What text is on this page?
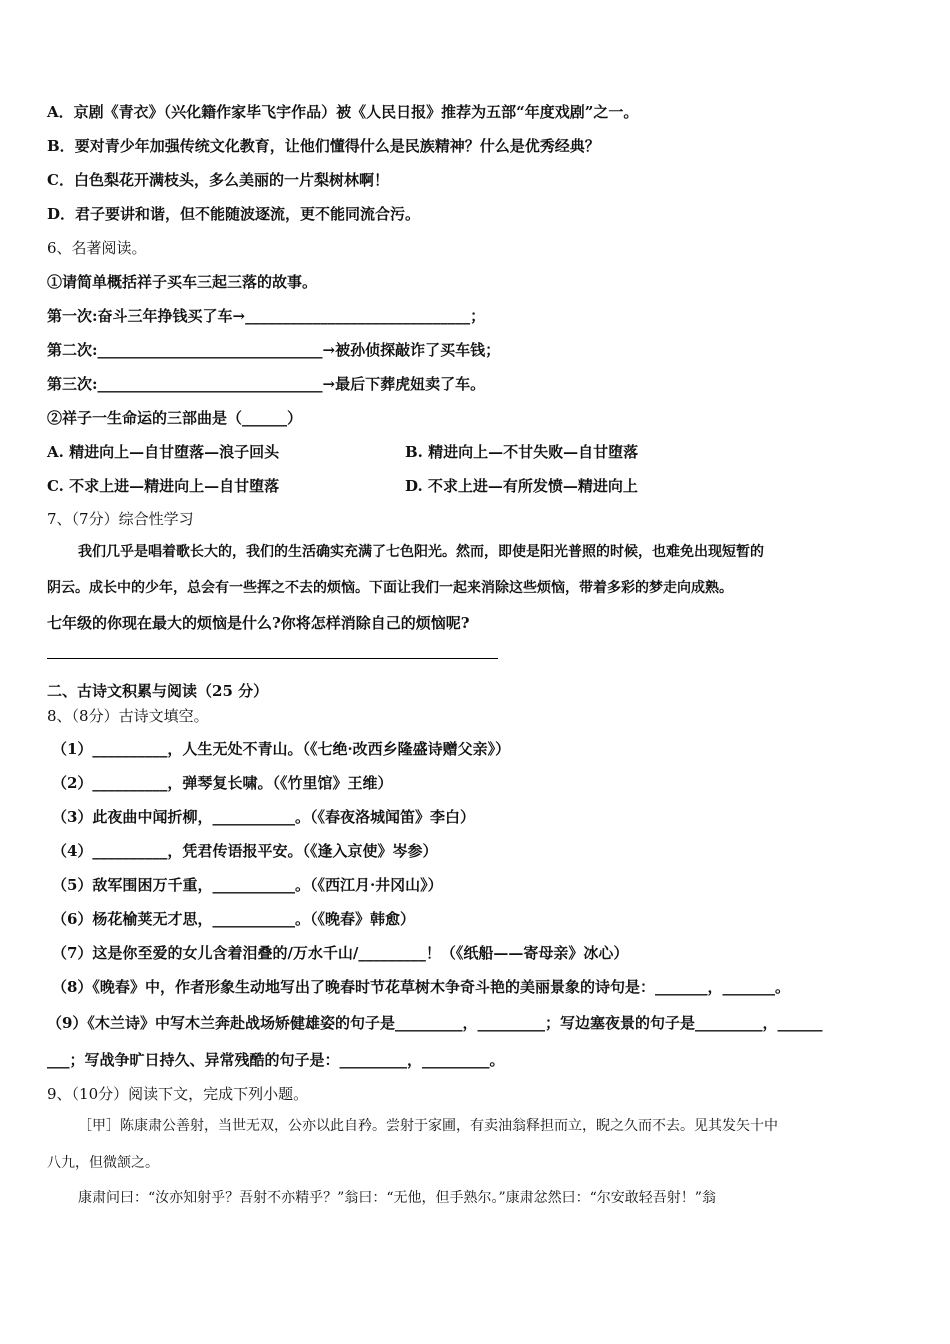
A．京剧《青衣》（兴化籍作家毕飞宇作品）被《人民日报》推荐为五部“年度戏剧”之一。
B．要对青少年加强传统文化教育，让他们懂得什么是民族精神？什么是优秀经典？
C．白色梨花开满枝头，多么美丽的一片梨树林啊！
D．君子要讲和谐，但不能随波逐流，更不能同流合污。
6、名著阅读。
①请简单概括祥子买车三起三落的故事。
第一次:奋斗三年挣钱买了车→______________________________；
第二次:______________________________→被孙侦探敲诈了买车钱；
第三次:______________________________→最后下葬虎妞卖了车。
②祥子一生命运的三部曲是（______）
A. 精进向上—自甘堕落—浪子回头	B. 精进向上—不甘失败—自甘堕落
C. 不求上进—精进向上—自甘堕落	D. 不求上进—有所发愤—精进向上
7、（7分）综合性学习
我们几乎是唱着歌长大的，我们的生活确实充满了七色阳光。然而，即使是阳光普照的时候，也难免出现短暂的
阴云。成长中的少年，总会有一些挥之不去的烦恼。下面让我们一起来消除这些烦恼，带着多彩的梦走向成熟。
七年级的你现在最大的烦恼是什么?你将怎样消除自己的烦恼呢?
二、古诗文积累与阅读（25 分）
8、（8分）古诗文填空。
（1）__________，人生无处不青山。（《七绝·改西乡隆盛诗赠父亲》）
（2）__________，弹琴复长啸。（《竹里馆》王维）
（3）此夜曲中闻折柳，___________。（《春夜洛城闻笛》李白）
（4）__________，凭君传语报平安。（《逢入京使》岑参）
（5）敌军围困万千重，___________。（《西江月·井冈山》）
（6）杨花榆荚无才思，___________。（《晚春》韩愈）
（7）这是你至爱的女儿含着泪叠的/万水千山/_________！（《纸船——寄母亲》冰心）
（8）《晚春》中，作者形象生动地写出了晚春时节花草树木争奇斗艳的美丽景象的诗句是：_______，_______。
（9）《木兰诗》中写木兰奔赴战场矫健雄姿的句子是_________，_________；写边塞夜景的句子是_________，______
___；写战争旷日持久、异常残酷的句子是：_________，_________。
9、（10分）阅读下文，完成下列小题。
［甲］陈康肃公善射，当世无双，公亦以此自矜。尝射于家圃，有卖油翁释担而立，睨之久而不去。见其发矢十中
八九，但微颔之。
康肃问曰：“汝亦知射乎？吾射不亦精乎？”翁曰：“无他，但手熟尔。”康肃忿然曰：“尔安敢轻吾射！”翁
